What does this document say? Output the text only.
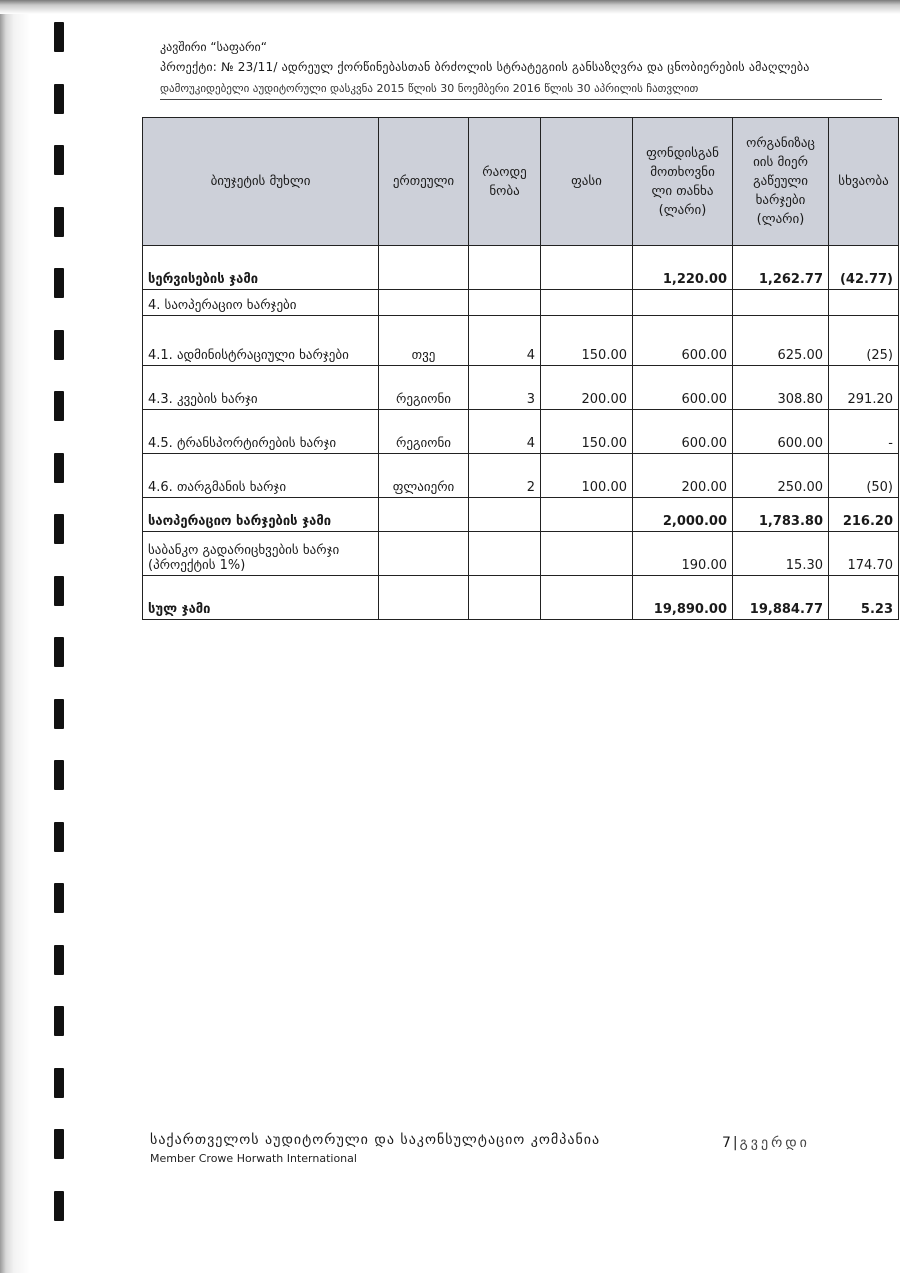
კავშირი “საფარი“
პროექტი: № 23/11/ ადრეულ ქორწინებასთან ბრძოლის სტრატეგიის განსაზღვრა და ცნობიერების ამაღლება
დამოუკიდებელი აუდიტორული დასკვნა 2015 წლის 30 ნოემბერი 2016 წლის 30 აპრილის ჩათვლით
ბიუჯეტის მუხლი	ერთეული	რაოდე ნობა	ფასი	ფონდისგან მოთხოვნი ლი თანხა (ლარი)	ორგანიზაც იის მიერ გაწეული ხარჯები (ლარი)	სხვაობა
სერვისების ჯამი				1,220.00	1,262.77	(42.77)
4. საოპერაციო ხარჯები						
4.1. ადმინისტრაციული ხარჯები	თვე	4	150.00	600.00	625.00	(25)
4.3. კვების ხარჯი	რეგიონი	3	200.00	600.00	308.80	291.20
4.5. ტრანსპორტირების ხარჯი	რეგიონი	4	150.00	600.00	600.00	-
4.6. თარგმანის ხარჯი	ფლაიერი	2	100.00	200.00	250.00	(50)
საოპერაციო ხარჯების ჯამი				2,000.00	1,783.80	216.20
საბანკო გადარიცხვების ხარჯი (პროექტის 1%)				190.00	15.30	174.70
სულ ჯამი				19,890.00	19,884.77	5.23
საქართველოს აუდიტორული და საკონსულტაციო კომპანია
Member Crowe Horwath International
7 | გვერდი
